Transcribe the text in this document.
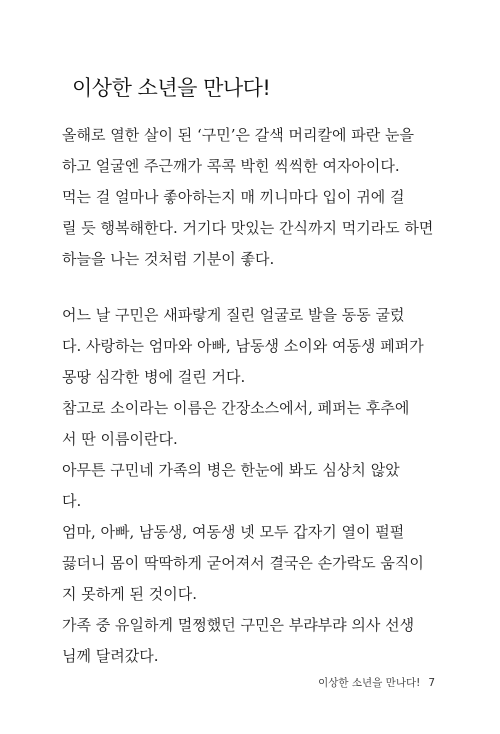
이상한 소년을 만나다!
올해로 열한 살이 된 ‘구민’은 갈색 머리칼에 파란 눈을
하고 얼굴엔 주근깨가 콕콕 박힌 씩씩한 여자아이다.
먹는 걸 얼마나 좋아하는지 매 끼니마다 입이 귀에 걸
릴 듯 행복해한다. 거기다 맛있는 간식까지 먹기라도 하면
하늘을 나는 것처럼 기분이 좋다.
어느 날 구민은 새파랗게 질린 얼굴로 발을 동동 굴렀
다. 사랑하는 엄마와 아빠, 남동생 소이와 여동생 페퍼가
몽땅 심각한 병에 걸린 거다.
참고로 소이라는 이름은 간장소스에서, 페퍼는 후추에
서 딴 이름이란다.
아무튼 구민네 가족의 병은 한눈에 봐도 심상치 않았
다.
엄마, 아빠, 남동생, 여동생 넷 모두 갑자기 열이 펄펄
끓더니 몸이 딱딱하게 굳어져서 결국은 손가락도 움직이
지 못하게 된 것이다.
가족 중 유일하게 멀쩡했던 구민은 부랴부랴 의사 선생
님께 달려갔다.
이상한 소년을 만나다! 7
